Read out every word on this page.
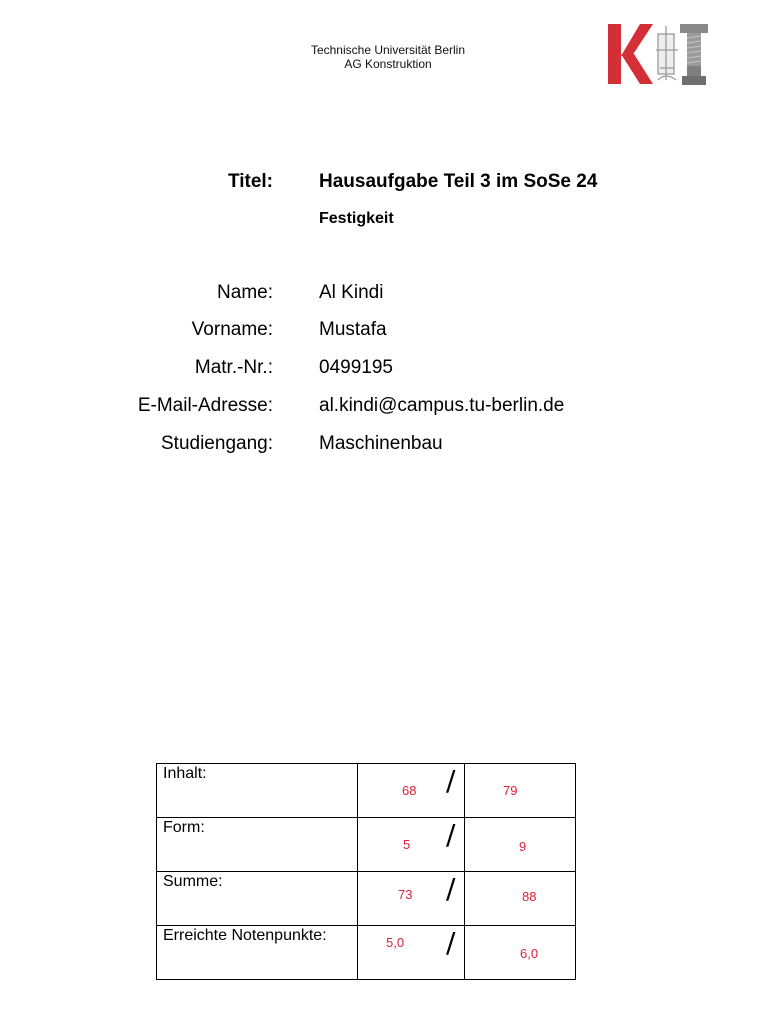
Technische Universität Berlin
AG Konstruktion
Titel: Hausaufgabe Teil 3 im SoSe 24
Festigkeit
Name: Al Kindi
Vorname: Mustafa
Matr.-Nr.: 0499195
E-Mail-Adresse: al.kindi@campus.tu-berlin.de
Studiengang: Maschinenbau
Inhalt:	68 /	79

Form:	5 /	9

Summe:	73 /	88

Erreichte Notenpunkte:	5,0 /	6,0
